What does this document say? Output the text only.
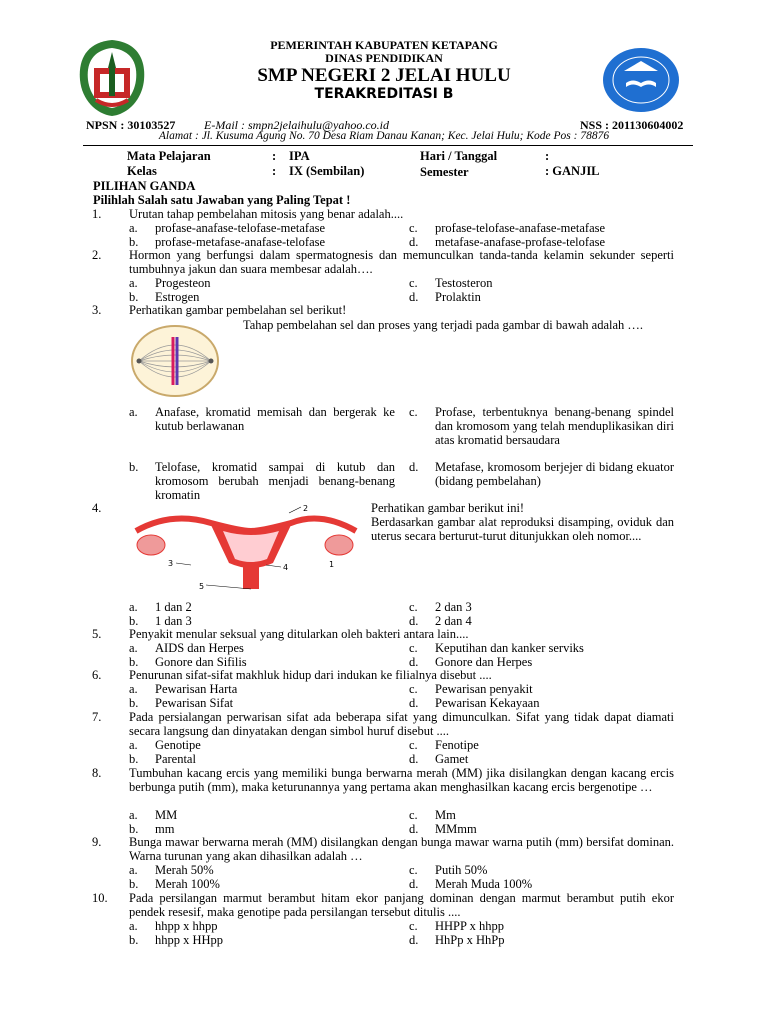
PEMERINTAH KABUPATEN KETAPANG
DINAS PENDIDIKAN
SMP NEGERI 2 JELAI HULU
TERAKREDITASI B
NPSN : 30103527 E-Mail : smpn2jelaihulu@yahoo.co.id	NSS : 201130604002
Alamat : Jl. Kusuma Agung No. 70 Desa Riam Danau Kanan; Kec. Jelai Hulu; Kode Pos : 78876
Mata Pelajaran	: IPA	Hari / Tanggal	:
Kelas	: IX (Sembilan)	Semester	: GANJIL
PILIHAN GANDA
Pilihlah Salah satu Jawaban yang Paling Tepat !
1.	Urutan tahap pembelahan mitosis yang benar adalah....
a.	profase-anafase-telofase-metafase	c.	profase-telofase-anafase-metafase
b.	profase-metafase-anafase-telofase	d.	metafase-anafase-profase-telofase
2.	Hormon yang berfungsi dalam spermatognesis dan memunculkan tanda-tanda kelamin sekunder seperti tumbuhnya jakun dan suara membesar adalah….
a.	Progesteon	c.	Testosteron
b.	Estrogen	d.	Prolaktin
3.	Perhatikan gambar pembelahan sel berikut!
Tahap pembelahan sel dan proses yang terjadi pada gambar di bawah adalah ….
a.	Anafase, kromatid memisah dan bergerak ke kutub berlawanan
c.	Profase, terbentuknya benang-benang spindel dan kromosom yang telah menduplikasikan diri atas kromatid bersaudara
b.	Telofase, kromatid sampai di kutub dan kromosom berubah menjadi benang-benang kromatin
d.	Metafase, kromosom berjejer di bidang ekuator (bidang pembelahan)
4.	Perhatikan gambar berikut ini!
Berdasarkan gambar alat reproduksi disamping, oviduk dan uterus secara berturut-turut ditunjukkan oleh nomor....
2
1
3	4
5
a.	1 dan 2	c.	2 dan 3
b.	1 dan 3	d.	2 dan 4
5.	Penyakit menular seksual yang ditularkan oleh bakteri antara lain....
a.	AIDS dan Herpes	c.	Keputihan dan kanker serviks
b.	Gonore dan Sifilis	d.	Gonore dan Herpes
6.	Penurunan sifat-sifat makhluk hidup dari indukan ke filialnya disebut ....
a.	Pewarisan Harta	c.	Pewarisan penyakit
b.	Pewarisan Sifat	d.	Pewarisan Kekayaan
7.	Pada persialangan perwarisan sifat ada beberapa sifat yang dimunculkan. Sifat yang tidak dapat diamati secara langsung dan dinyatakan dengan simbol huruf disebut ....
a.	Genotipe	c.	Fenotipe
b.	Parental	d.	Gamet
8.	Tumbuhan kacang ercis yang memiliki bunga berwarna merah (MM) jika disilangkan dengan kacang ercis berbunga putih (mm), maka keturunannya yang pertama akan menghasilkan kacang ercis bergenotipe …
a.	MM	c.	Mm
b.	mm	d.	MMmm
9.	Bunga mawar berwarna merah (MM) disilangkan dengan bunga mawar warna putih (mm) bersifat dominan. Warna turunan yang akan dihasilkan adalah …
a.	Merah 50%	c.	Putih 50%
b.	Merah 100%	d.	Merah Muda 100%
10.	Pada persilangan marmut berambut hitam ekor panjang dominan dengan marmut berambut putih ekor pendek resesif, maka genotipe pada persilangan tersebut ditulis ....
a.	hhpp x hhpp	c.	HHPP x hhpp
b.	hhpp x HHpp	d.	HhPp x HhPp
